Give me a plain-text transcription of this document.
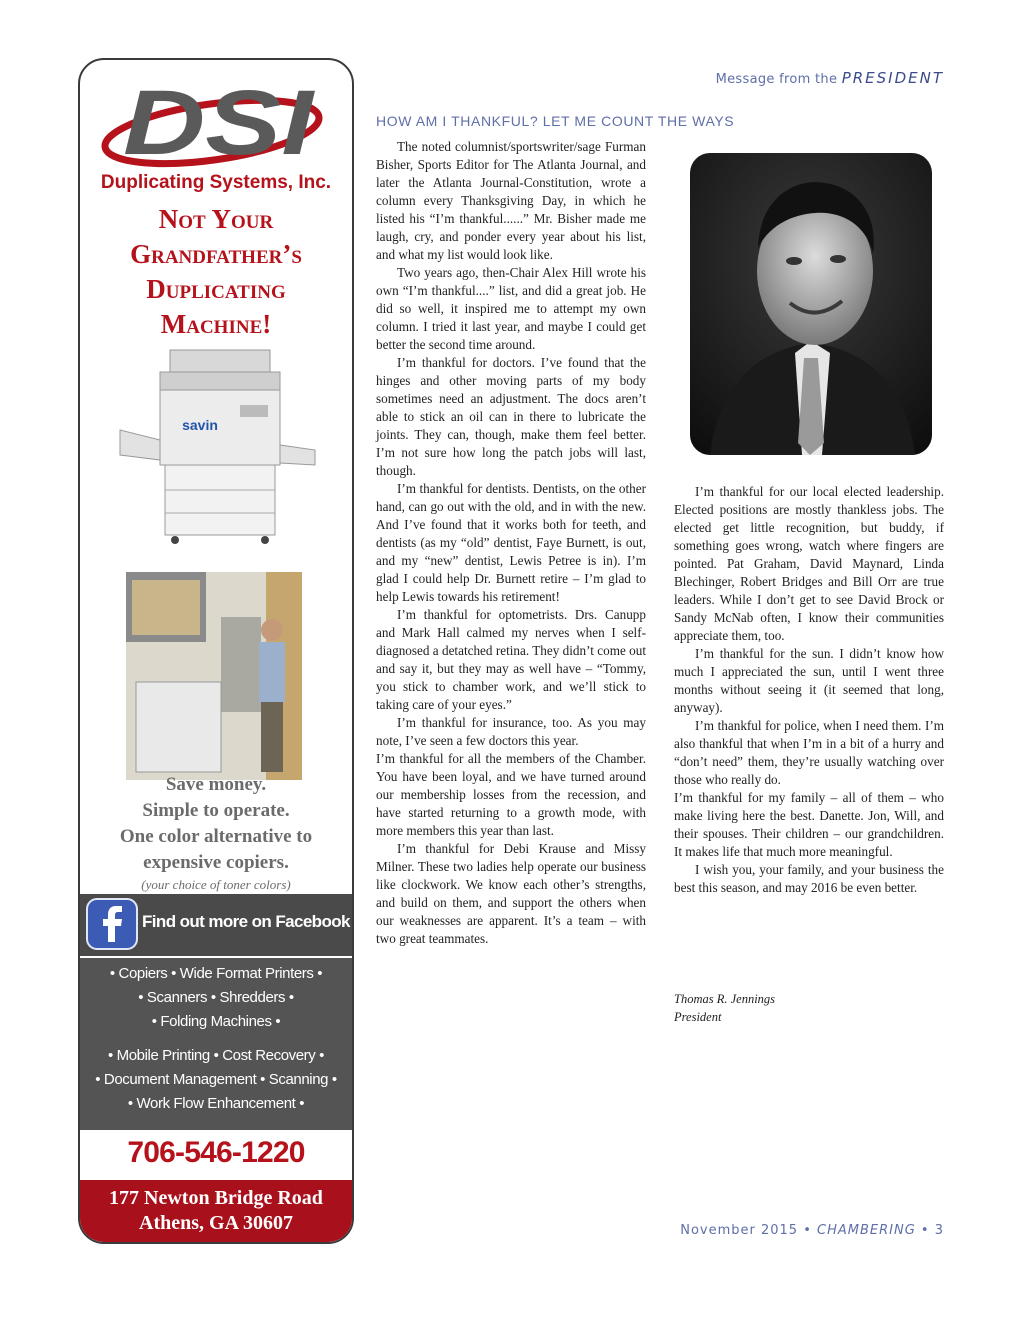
DSI
Duplicating Systems, Inc.
Not Your
Grandfather’s
Duplicating
Machine!
savin
Save money.
Simple to operate.
One color alternative to
expensive copiers.
(your choice of toner colors)
Find out more on Facebook
• Copiers • Wide Format Printers •
• Scanners • Shredders •
• Folding Machines •
• Mobile Printing • Cost Recovery •
• Document Management • Scanning •
• Work Flow Enhancement •
706-546-1220
177 Newton Bridge Road
Athens, GA 30607
Message from the PRESIDENT
HOW AM I THANKFUL? LET ME COUNT THE WAYS

The noted columnist/sportswriter/sage Furman Bisher, Sports Editor for The Atlanta Journal, and later the Atlanta Journal-Constitution, wrote a column every Thanksgiving Day, in which he listed his “I’m thankful......” Mr. Bisher made me laugh, cry, and ponder every year about his list, and what my list would look like.

Two years ago, then-Chair Alex Hill wrote his own “I’m thankful....” list, and did a great job. He did so well, it inspired me to attempt my own column. I tried it last year, and maybe I could get better the second time around.

I’m thankful for doctors. I’ve found that the hinges and other moving parts of my body sometimes need an adjustment. The docs aren’t able to stick an oil can in there to lubricate the joints. They can, though, make them feel better. I’m not sure how long the patch jobs will last, though.

I’m thankful for dentists. Dentists, on the other hand, can go out with the old, and in with the new. And I’ve found that it works both for teeth, and dentists (as my “old” dentist, Faye Burnett, is out, and my “new” dentist, Lewis Petree is in). I’m glad I could help Dr. Burnett retire – I’m glad to help Lewis towards his retirement!

I’m thankful for optometrists. Drs. Canupp and Mark Hall calmed my nerves when I self-diagnosed a detatched retina. They didn’t come out and say it, but they may as well have – “Tommy, you stick to chamber work, and we’ll stick to taking care of your eyes.”

I’m thankful for insurance, too. As you may note, I’ve seen a few doctors this year.

I’m thankful for all the members of the Chamber. You have been loyal, and we have turned around our membership losses from the recession, and have started returning to a growth mode, with more members this year than last.

I’m thankful for Debi Krause and Missy Milner. These two ladies help operate our business like clockwork. We know each other’s strengths, and build on them, and support the others when our weaknesses are apparent. It’s a team – with two great teammates.

I’m thankful for our local elected leadership. Elected positions are mostly thankless jobs. The elected get little recognition, but buddy, if something goes wrong, watch where fingers are pointed. Pat Graham, David Maynard, Linda Blechinger, Robert Bridges and Bill Orr are true leaders. While I don’t get to see David Brock or Sandy McNab often, I know their communities appreciate them, too.

I’m thankful for the sun. I didn’t know how much I appreciated the sun, until I went three months without seeing it (it seemed that long, anyway).

I’m thankful for police, when I need them. I’m also thankful that when I’m in a bit of a hurry and “don’t need” them, they’re usually watching over those who really do.

I’m thankful for my family – all of them – who make living here the best. Danette. Jon, Will, and their spouses. Their children – our grandchildren. It makes life that much more meaningful.

I wish you, your family, and your business the best this season, and may 2016 be even better.

Thomas R. Jennings
President
November 2015 • CHAMBERING • 3
